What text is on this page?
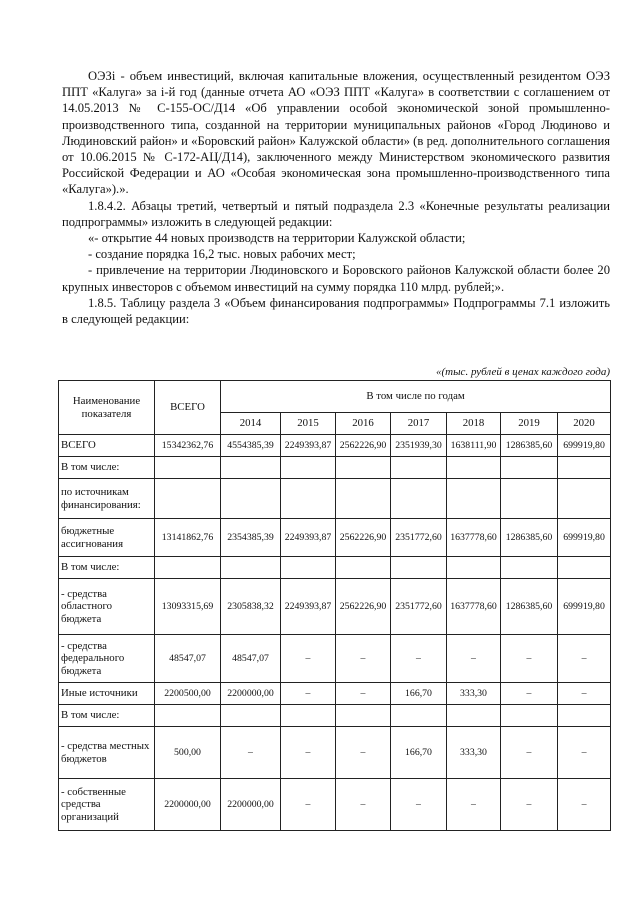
ОЭЗi - объем инвестиций, включая капитальные вложения, осуществленный резидентом ОЭЗ ППТ «Калуга» за i-й год (данные отчета АО «ОЭЗ ППТ «Калуга» в соответствии с соглашением от 14.05.2013 № С-155-ОС/Д14 «Об управлении особой экономической зоной промышленно-производственного типа, созданной на территории муниципальных районов «Город Людиново и Людиновский район» и «Боровский район» Калужской области» (в ред. дополнительного соглашения от 10.06.2015 № С-172-АЦ/Д14), заключенного между Министерством экономического развития Российской Федерации и АО «Особая экономическая зона промышленно-производственного типа «Калуга»).».

1.8.4.2. Абзацы третий, четвертый и пятый подраздела 2.3 «Конечные результаты реализации подпрограммы» изложить в следующей редакции:

«- открытие 44 новых производств на территории Калужской области;

- создание порядка 16,2 тыс. новых рабочих мест;

- привлечение на территории Людиновского и Боровского районов Калужской области более 20 крупных инвесторов с объемом инвестиций на сумму порядка 110 млрд. рублей;».

1.8.5. Таблицу раздела 3 «Объем финансирования подпрограммы» Подпрограммы 7.1 изложить в следующей редакции:

«(тыс. рублей в ценах каждого года)
Наименование показателя	ВСЕГО	В том числе по годам						
		2014	2015	2016	2017	2018	2019	2020
ВСЕГО	15342362,76	4554385,39	2249393,87	2562226,90	2351939,30	1638111,90	1286385,60	699919,80
В том числе:								
по источникам финансирования:								
бюджетные ассигнования	13141862,76	2354385,39	2249393,87	2562226,90	2351772,60	1637778,60	1286385,60	699919,80
В том числе:								
- средства областного бюджета	13093315,69	2305838,32	2249393,87	2562226,90	2351772,60	1637778,60	1286385,60	699919,80
- средства федерального бюджета	48547,07	48547,07	–	–	–	–	–	–
Иные источники	2200500,00	2200000,00	–	–	166,70	333,30	–	–
В том числе:								
- средства местных бюджетов	500,00	–	–	–	166,70	333,30	–	–
- собственные средства организаций	2200000,00	2200000,00	–	–	–	–	–	–
